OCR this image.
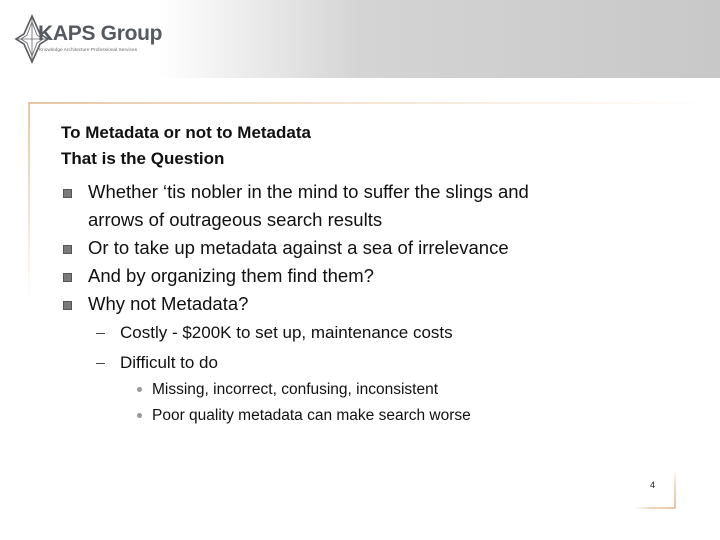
KAPS Group
Knowledge Architecture Professional Services
To Metadata or not to Metadata
That is the Question
Whether ‘tis nobler in the mind to suffer the slings and
arrows of outrageous search results
Or to take up metadata against a sea of irrelevance
And by organizing them find them?
Why not Metadata?
Costly - $200K to set up, maintenance costs
Difficult to do
Missing, incorrect, confusing, inconsistent
Poor quality metadata can make search worse
4
